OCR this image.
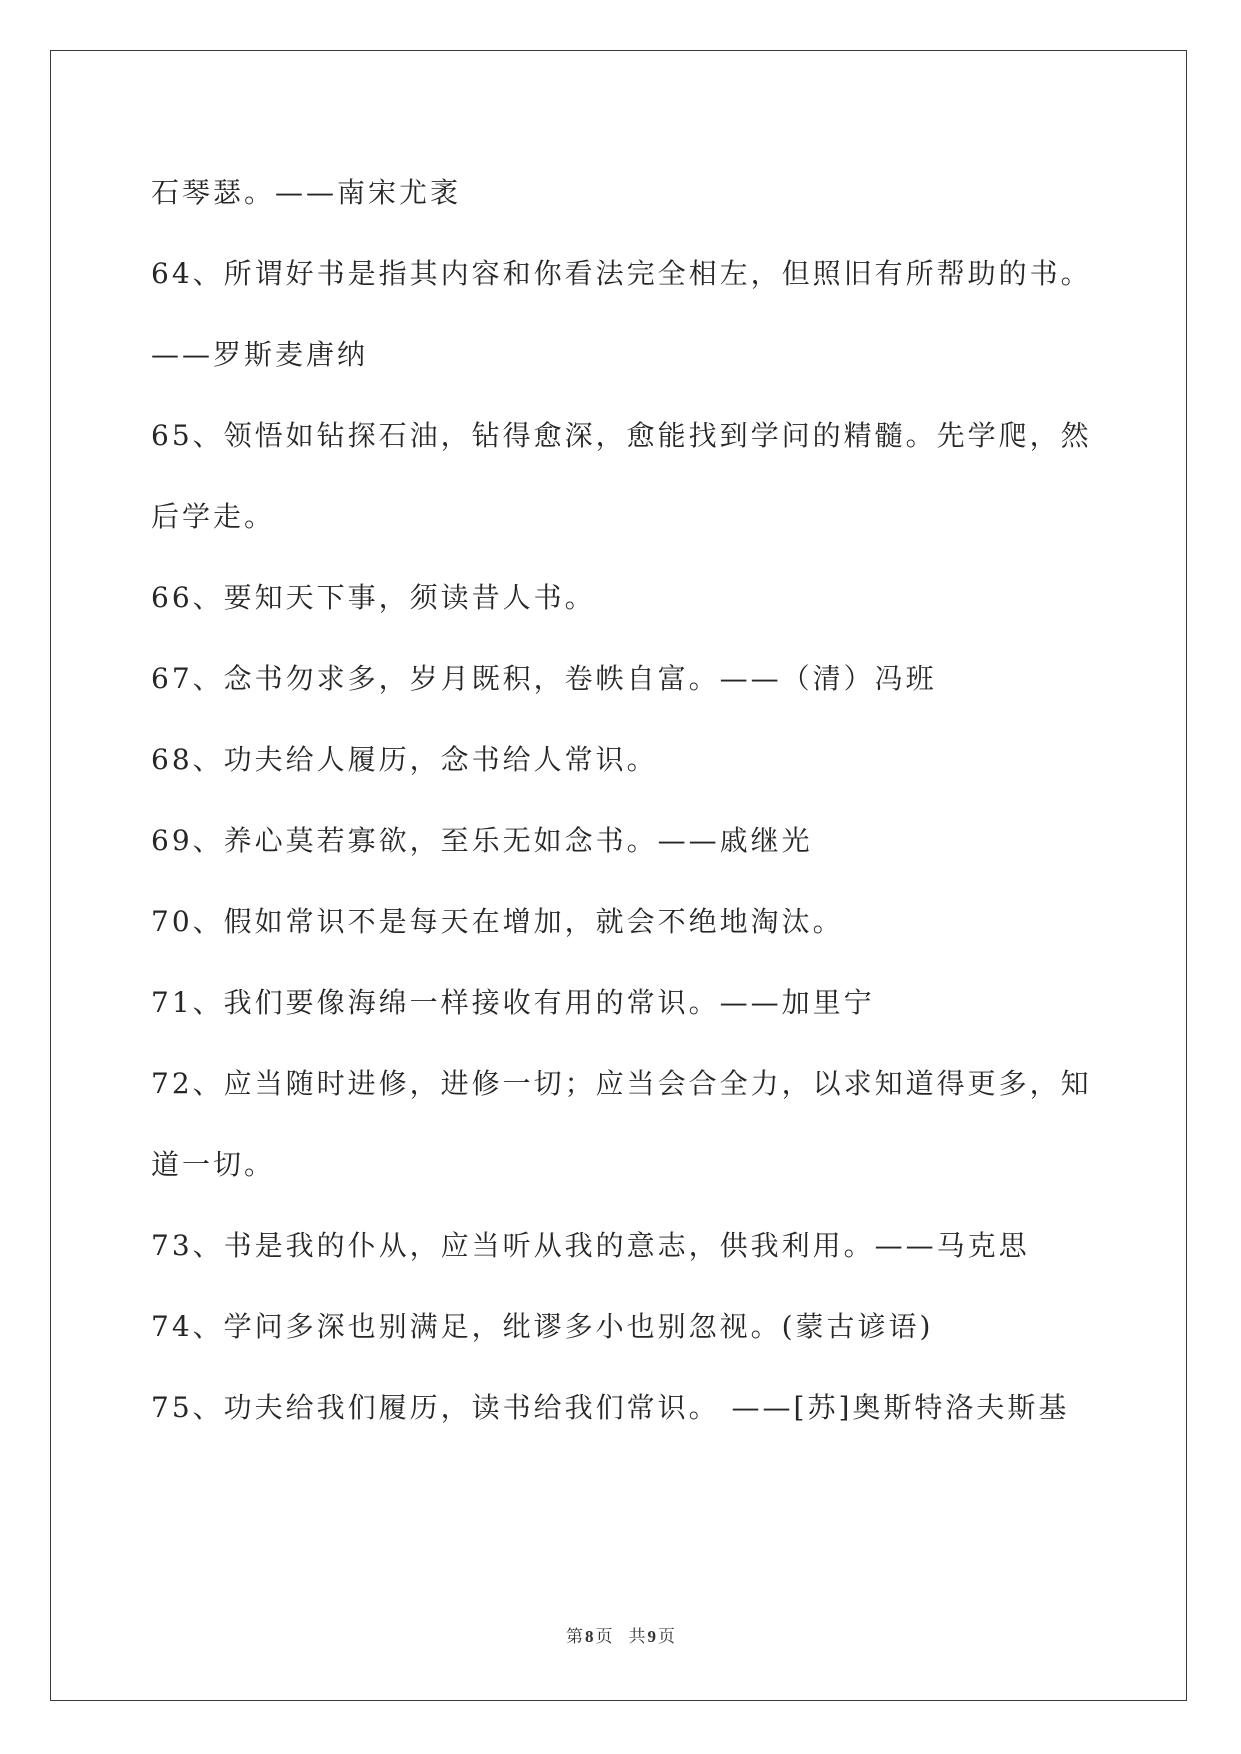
石琴瑟。——南宋尤袤
64、所谓好书是指其内容和你看法完全相左，但照旧有所帮助的书。
——罗斯麦唐纳
65、领悟如钻探石油，钻得愈深，愈能找到学问的精髓。先学爬，然
后学走。
66、要知天下事，须读昔人书。
67、念书勿求多，岁月既积，卷帙自富。——（清）冯班
68、功夫给人履历，念书给人常识。
69、养心莫若寡欲，至乐无如念书。——戚继光
70、假如常识不是每天在增加，就会不绝地淘汰。
71、我们要像海绵一样接收有用的常识。——加里宁
72、应当随时进修，进修一切；应当会合全力，以求知道得更多，知
道一切。
73、书是我的仆从，应当听从我的意志，供我利用。——马克思
74、学问多深也别满足，纰谬多小也别忽视。(蒙古谚语)
75、功夫给我们履历，读书给我们常识。 ——[苏]奥斯特洛夫斯基
第 8 页 共 9 页
